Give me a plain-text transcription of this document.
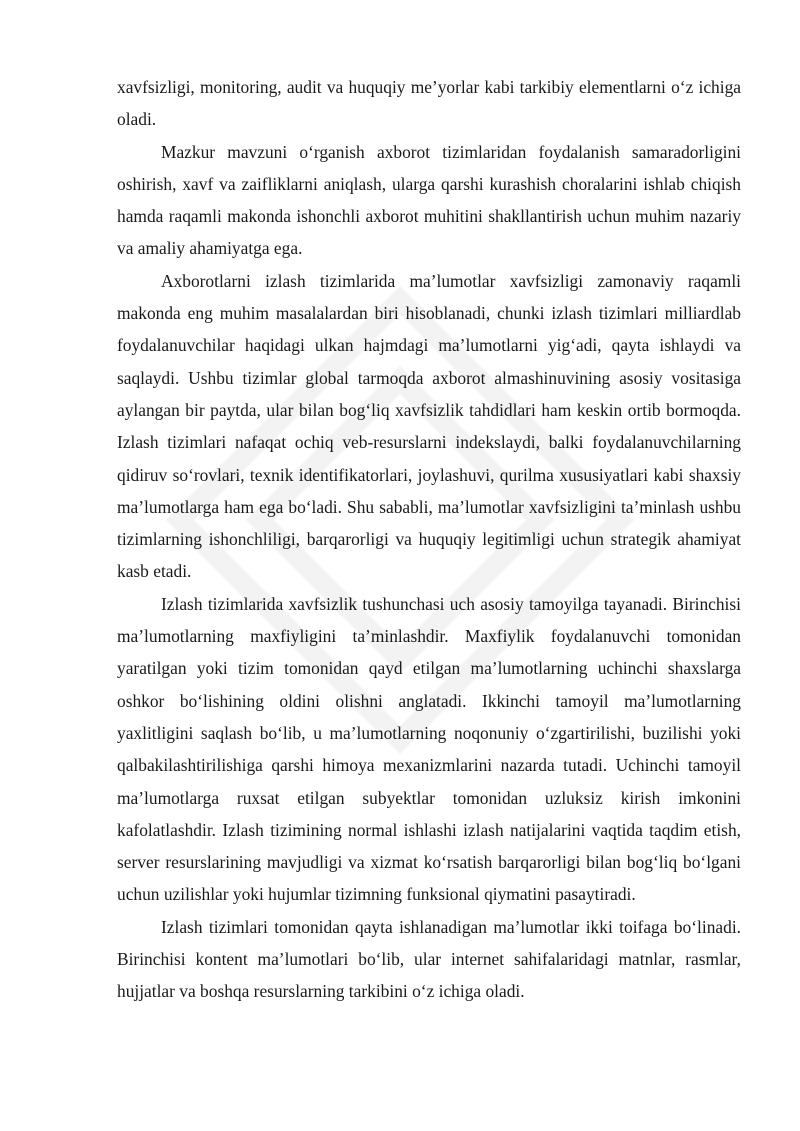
xavfsizligi, monitoring, audit va huquqiy me’yorlar kabi tarkibiy elementlarni o‘z ichiga oladi.

Mazkur mavzuni o‘rganish axborot tizimlaridan foydalanish samaradorligini oshirish, xavf va zaifliklarni aniqlash, ularga qarshi kurashish choralarini ishlab chiqish hamda raqamli makonda ishonchli axborot muhitini shakllantirish uchun muhim nazariy va amaliy ahamiyatga ega.

Axborotlarni izlash tizimlarida ma’lumotlar xavfsizligi zamonaviy raqamli makonda eng muhim masalalardan biri hisoblanadi, chunki izlash tizimlari milliardlab foydalanuvchilar haqidagi ulkan hajmdagi ma’lumotlarni yig‘adi, qayta ishlaydi va saqlaydi. Ushbu tizimlar global tarmoqda axborot almashinuvining asosiy vositasiga aylangan bir paytda, ular bilan bog‘liq xavfsizlik tahdidlari ham keskin ortib bormoqda. Izlash tizimlari nafaqat ochiq veb-resurslarni indekslaydi, balki foydalanuvchilarning qidiruv so‘rovlari, texnik identifikatorlari, joylashuvi, qurilma xususiyatlari kabi shaxsiy ma’lumotlarga ham ega bo‘ladi. Shu sababli, ma’lumotlar xavfsizligini ta’minlash ushbu tizimlarning ishonchliligi, barqarorligi va huquqiy legitimligi uchun strategik ahamiyat kasb etadi.

Izlash tizimlarida xavfsizlik tushunchasi uch asosiy tamoyilga tayanadi. Birinchisi ma’lumotlarning maxfiyligini ta’minlashdir. Maxfiylik foydalanuvchi tomonidan yaratilgan yoki tizim tomonidan qayd etilgan ma’lumotlarning uchinchi shaxslarga oshkor bo‘lishining oldini olishni anglatadi. Ikkinchi tamoyil ma’lumotlarning yaxlitligini saqlash bo‘lib, u ma’lumotlarning noqonuniy o‘zgartirilishi, buzilishi yoki qalbakilashtirilishiga qarshi himoya mexanizmlarini nazarda tutadi. Uchinchi tamoyil ma’lumotlarga ruxsat etilgan subyektlar tomonidan uzluksiz kirish imkonini kafolatlashdir. Izlash tizimining normal ishlashi izlash natijalarini vaqtida taqdim etish, server resurslarining mavjudligi va xizmat ko‘rsatish barqarorligi bilan bog‘liq bo‘lgani uchun uzilishlar yoki hujumlar tizimning funksional qiymatini pasaytiradi.

Izlash tizimlari tomonidan qayta ishlanadigan ma’lumotlar ikki toifaga bo‘linadi. Birinchisi kontent ma’lumotlari bo‘lib, ular internet sahifalaridagi matnlar, rasmlar, hujjatlar va boshqa resurslarning tarkibini o‘z ichiga oladi.
